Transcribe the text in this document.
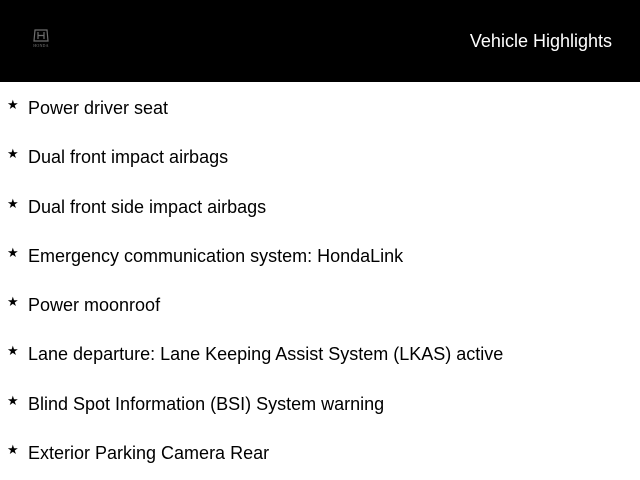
HONDA	Vehicle Highlights
★ Power driver seat
★ Dual front impact airbags
★ Dual front side impact airbags
★ Emergency communication system: HondaLink
★ Power moonroof
★ Lane departure: Lane Keeping Assist System (LKAS) active
★ Blind Spot Information (BSI) System warning
★ Exterior Parking Camera Rear
